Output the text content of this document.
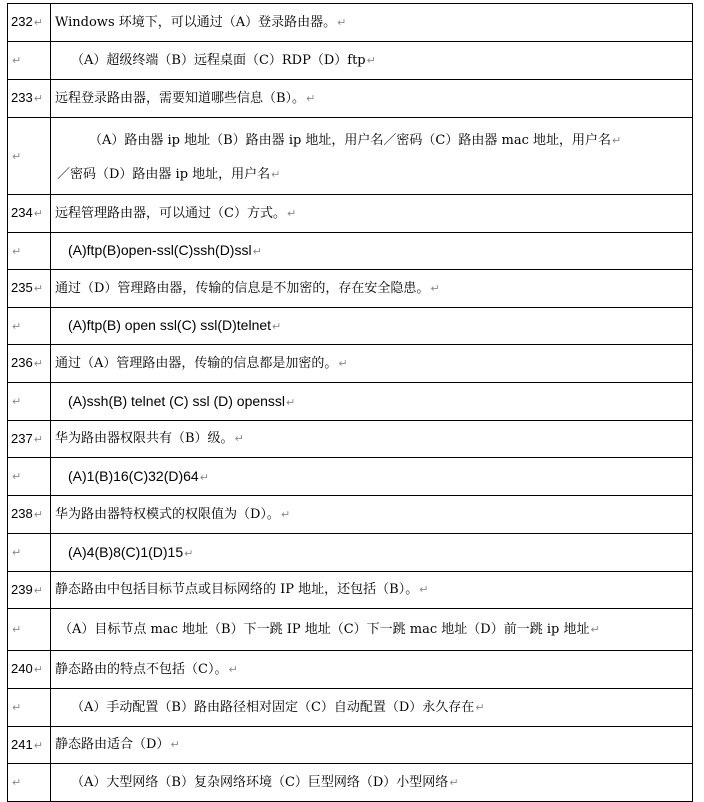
232↵	Windows 环境下，可以通过（A）登录路由器。↵
↵	（A）超级终端（B）远程桌面（C）RDP（D）ftp↵
233↵	远程登录路由器，需要知道哪些信息（B）。↵
↵	（A）路由器 ip 地址（B）路由器 ip 地址，用户名／密码（C）路由器 mac 地址，用户名↵
／密码（D）路由器 ip 地址，用户名↵

234↵	远程管理路由器，可以通过（C）方式。↵
↵	(A)ftp(B)open-ssl(C)ssh(D)ssl↵
235↵	通过（D）管理路由器，传输的信息是不加密的，存在安全隐患。↵
↵	(A)ftp(B) open ssl(C) ssl(D)telnet↵
236↵	通过（A）管理路由器，传输的信息都是加密的。↵
↵	(A)ssh(B) telnet (C) ssl (D) openssl↵
237↵	华为路由器权限共有（B）级。↵
↵	(A)1(B)16(C)32(D)64↵
238↵	华为路由器特权模式的权限值为（D）。↵
↵	(A)4(B)8(C)1(D)15↵
239↵	静态路由中包括目标节点或目标网络的 IP 地址，还包括（B）。↵
↵	（A）目标节点 mac 地址（B）下一跳 IP 地址（C）下一跳 mac 地址（D）前一跳 ip 地址↵
240↵	静态路由的特点不包括（C）。↵
↵	（A）手动配置（B）路由路径相对固定（C）自动配置（D）永久存在↵
241↵	静态路由适合（D）↵
↵	（A）大型网络（B）复杂网络环境（C）巨型网络（D）小型网络↵
